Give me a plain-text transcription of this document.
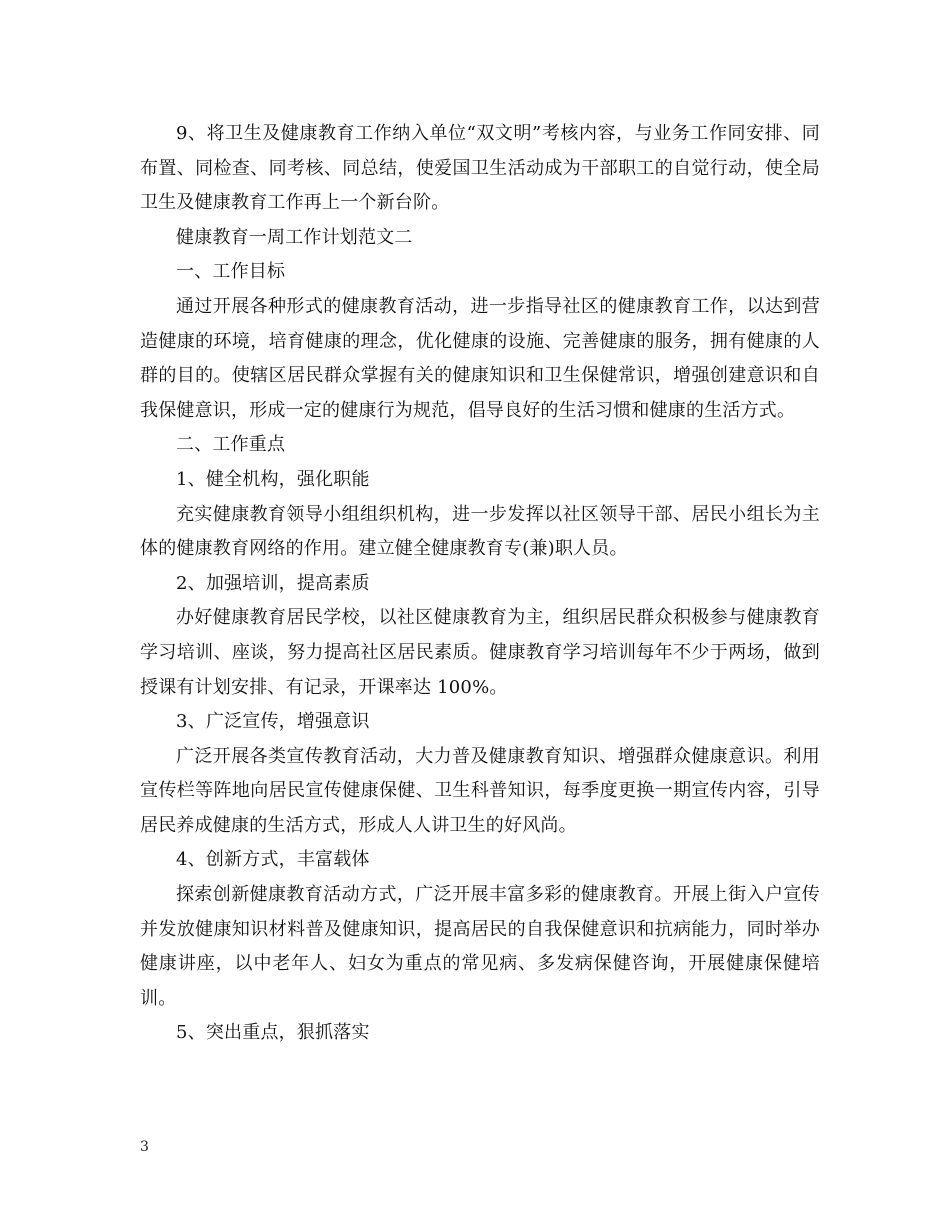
9、将卫生及健康教育工作纳入单位“双文明”考核内容，与业务工作同安排、同布置、同检查、同考核、同总结，使爱国卫生活动成为干部职工的自觉行动，使全局卫生及健康教育工作再上一个新台阶。

健康教育一周工作计划范文二

一、工作目标

通过开展各种形式的健康教育活动，进一步指导社区的健康教育工作，以达到营造健康的环境，培育健康的理念，优化健康的设施、完善健康的服务，拥有健康的人群的目的。使辖区居民群众掌握有关的健康知识和卫生保健常识，增强创建意识和自我保健意识，形成一定的健康行为规范，倡导良好的生活习惯和健康的生活方式。

二、工作重点

1、健全机构，强化职能

充实健康教育领导小组组织机构，进一步发挥以社区领导干部、居民小组长为主体的健康教育网络的作用。建立健全健康教育专(兼)职人员。

2、加强培训，提高素质

办好健康教育居民学校，以社区健康教育为主，组织居民群众积极参与健康教育学习培训、座谈，努力提高社区居民素质。健康教育学习培训每年不少于两场，做到授课有计划安排、有记录，开课率达 100%。

3、广泛宣传，增强意识

广泛开展各类宣传教育活动，大力普及健康教育知识、增强群众健康意识。利用宣传栏等阵地向居民宣传健康保健、卫生科普知识，每季度更换一期宣传内容，引导居民养成健康的生活方式，形成人人讲卫生的好风尚。

4、创新方式，丰富载体

探索创新健康教育活动方式，广泛开展丰富多彩的健康教育。开展上街入户宣传并发放健康知识材料普及健康知识，提高居民的自我保健意识和抗病能力，同时举办健康讲座，以中老年人、妇女为重点的常见病、多发病保健咨询，开展健康保健培训。

5、突出重点，狠抓落实

3
